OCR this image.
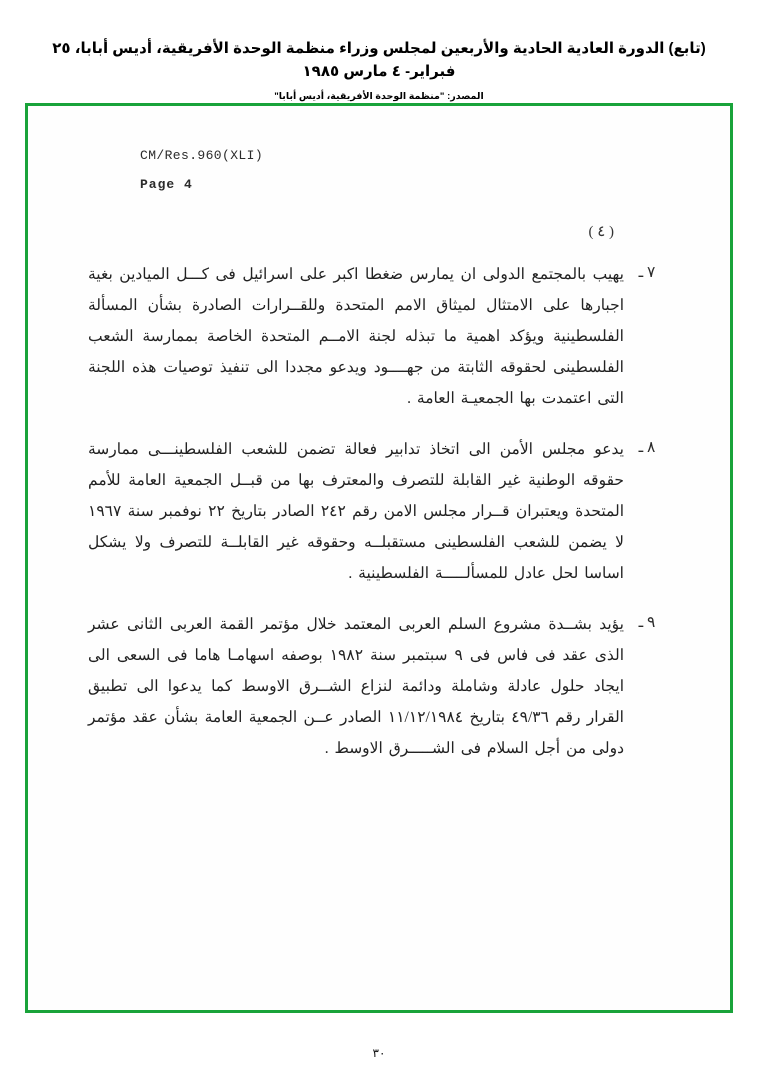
(تابع) الدورة العادية الحادية والأربعين لمجلس وزراء منظمة الوحدة الأفريقية، أديس أبابا، ٢٥ فبراير- ٤ مارس ١٩٨٥
المصدر: "منظمة الوحدة الأفريقية، أديس أبابا"
CM/Res.960(XLI)
Page 4
( ٤ )
٧ ـ
يهيب بالمجتمع الدولى ان يمارس ضغطا اكبر على اسرائيل فى كـــل الميادين بغية اجبارها على الامتثال لميثاق الامم المتحدة وللقــرارات الصادرة بشأن المسألة الفلسطينية ويؤكد اهمية ما تبذله لجنة الامــم المتحدة الخاصة بممارسة الشعب الفلسطينى لحقوقه الثابتة من جهــــود ويدعو مجددا الى تنفيذ توصيات هذه اللجنة التى اعتمدت بها الجمعيـة العامة .
٨ ـ
يدعو مجلس الأمن الى اتخاذ تدابير فعالة تضمن للشعب الفلسطينـــى ممارسة حقوقه الوطنية غير القابلة للتصرف والمعترف بها من قبــل الجمعية العامة للأمم المتحدة ويعتبران قــرار مجلس الامن رقم ٢٤٢ الصادر بتاريخ ٢٢ نوفمبر سنة ١٩٦٧ لا يضمن للشعب الفلسطينى مستقبلــه وحقوقه غير القابلــة للتصرف ولا يشكل اساسا لحل عادل للمسألـــــة الفلسطينية .
٩ ـ
يؤيد بشــدة مشروع السلم العربى المعتمد خلال مؤتمر القمة العربى الثانى عشر الذى عقد فى فاس فى ٩ سبتمبر سنة ١٩٨٢ بوصفه اسهامـا هاما فى السعى الى ايجاد حلول عادلة وشاملة ودائمة لنزاع الشــرق الاوسط كما يدعوا الى تطبيق القرار رقم ٤٩/٣٦ بتاريخ ١١/١٢/١٩٨٤ الصادر عــن الجمعية العامة بشأن عقد مؤتمر دولى من أجل السلام فى الشـــــرق الاوسط .
٣٠
